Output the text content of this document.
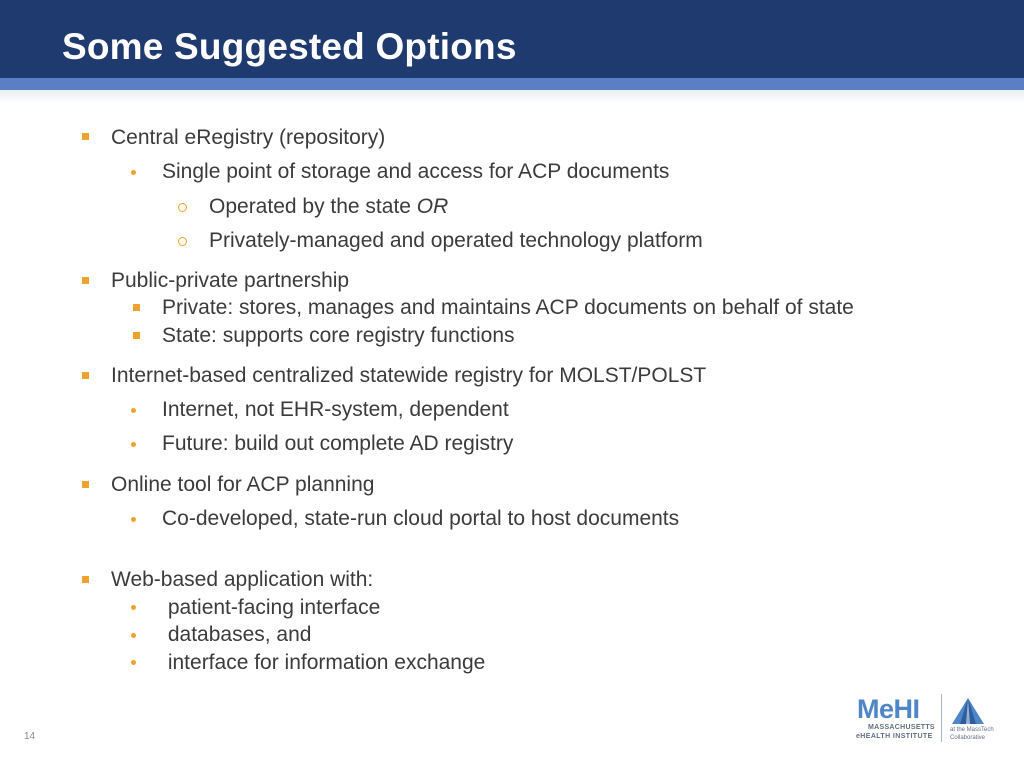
Some Suggested Options
Central eRegistry (repository)
Single point of storage and access for ACP documents
Operated by the state OR
Privately-managed and operated technology platform
Public-private partnership
Private: stores, manages and maintains ACP documents on behalf of state
State: supports core registry functions
Internet-based centralized statewide registry for MOLST/POLST
Internet, not EHR-system, dependent
Future: build out complete AD registry
Online tool for ACP planning
Co-developed, state-run cloud portal to host documents
Web-based application with:
patient-facing interface
databases, and
interface for information exchange
14
MeHI
MASSACHUSETTS
eHEALTH INSTITUTE
at the MassTech
Collaborative
